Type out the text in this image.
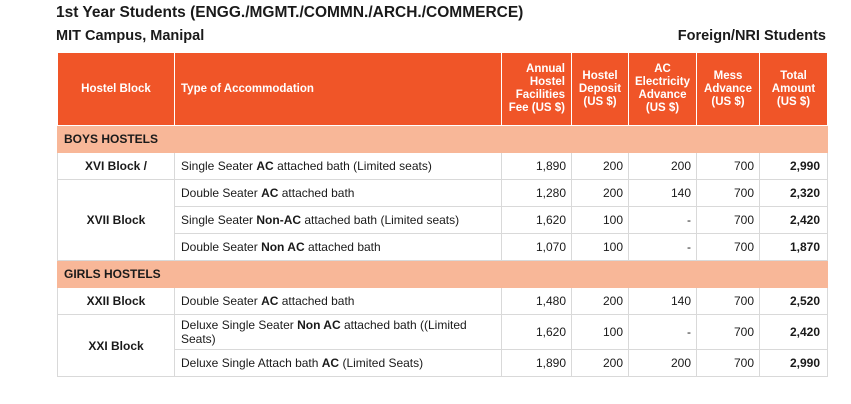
1st Year Students (ENGG./MGMT./COMMN./ARCH./COMMERCE)
MIT Campus, Manipal	Foreign/NRI Students
Hostel Block	Type of Accommodation	Annual
Hostel
Facilities
Fee (US $)	Hostel
Deposit
(US $)	AC
Electricity
Advance
(US $)	Mess
Advance
(US $)	Total
Amount
(US $)
BOYS HOSTELS						
XVI Block /	Single Seater AC attached bath (Limited seats)	1,890	200	200	700	2,990
XVII Block	Double Seater AC attached bath	1,280	200	140	700	2,320
	Single Seater Non-AC attached bath (Limited seats)	1,620	100	-	700	2,420
	Double Seater Non AC attached bath	1,070	100	-	700	1,870
GIRLS HOSTELS						
XXII Block	Double Seater AC attached bath	1,480	200	140	700	2,520
XXI Block	Deluxe Single Seater Non AC attached bath ((Limited Seats)	1,620	100	-	700	2,420
	Deluxe Single Attach bath AC (Limited Seats)	1,890	200	200	700	2,990
